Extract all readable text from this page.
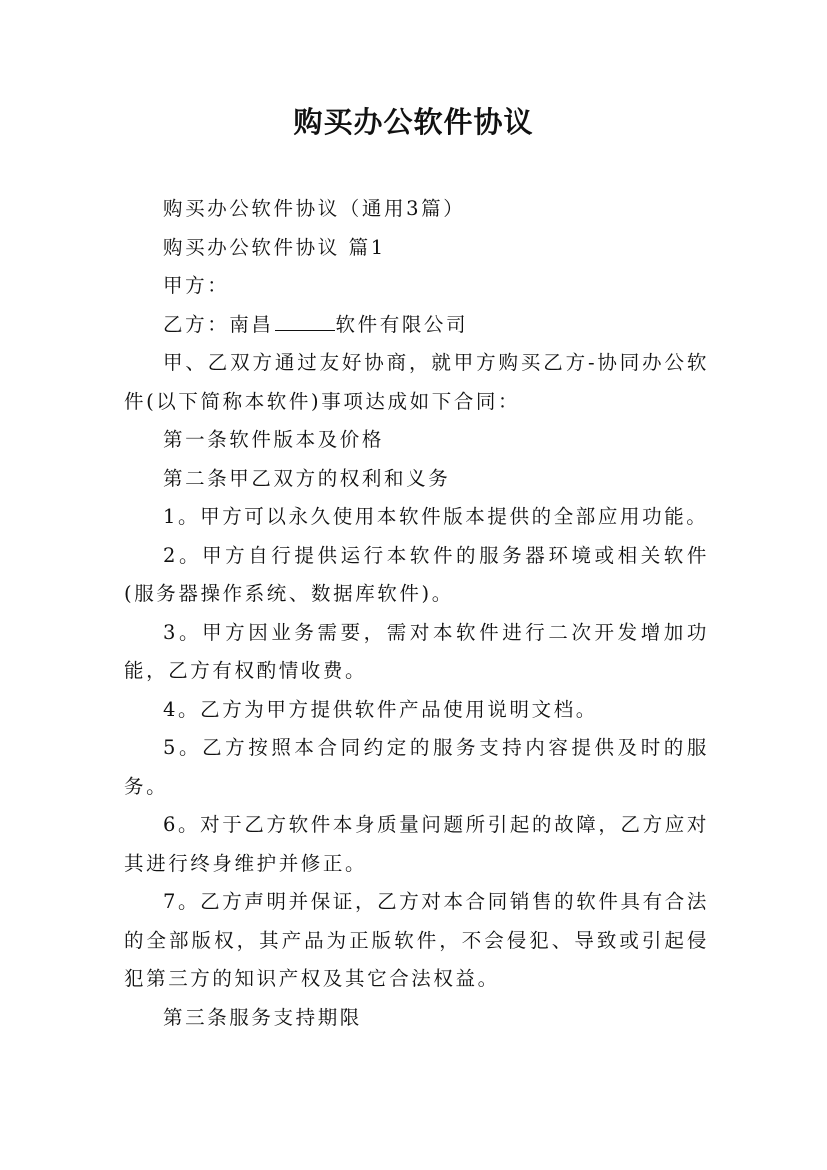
购买办公软件协议

购买办公软件协议（通用3篇）

购买办公软件协议 篇1

甲方：

乙方：南昌	软件有限公司

甲、乙双方通过友好协商，就甲方购买乙方-协同办公软件(以下简称本软件)事项达成如下合同：

第一条软件版本及价格

第二条甲乙双方的权利和义务

1。甲方可以永久使用本软件版本提供的全部应用功能。

2。甲方自行提供运行本软件的服务器环境或相关软件(服务器操作系统、数据库软件)。

3。甲方因业务需要，需对本软件进行二次开发增加功能，乙方有权酌情收费。

4。乙方为甲方提供软件产品使用说明文档。

5。乙方按照本合同约定的服务支持内容提供及时的服务。

6。对于乙方软件本身质量问题所引起的故障，乙方应对其进行终身维护并修正。

7。乙方声明并保证，乙方对本合同销售的软件具有合法的全部版权，其产品为正版软件，不会侵犯、导致或引起侵犯第三方的知识产权及其它合法权益。

第三条服务支持期限
